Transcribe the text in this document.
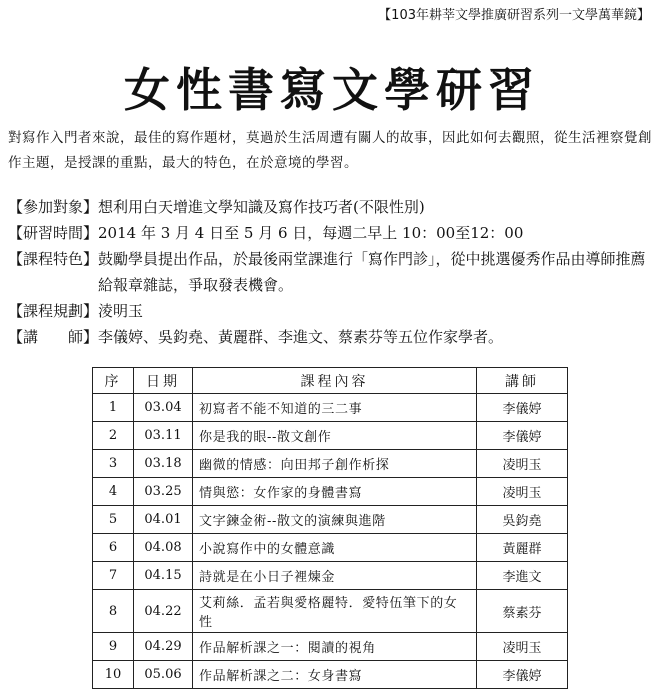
【103年耕莘文學推廣研習系列一文學萬華鏡】
女性書寫文學研習
對寫作入門者來說，最佳的寫作題材，莫過於生活周遭有關人的故事，因此如何去觀照，從生活裡察覺創作主題，是授課的重點，最大的特色，在於意境的學習。
【參加對象】 想利用白天增進文學知識及寫作技巧者(不限性別)
【研習時間】 2014 年 3 月 4 日至 5 月 6 日，每週二早上 10：00至12：00
【課程特色】 鼓勵學員提出作品，於最後兩堂課進行「寫作門診」，從中挑選優秀作品由導師推薦給報章雜誌，爭取發表機會。
【課程規劃】 淩明玉
【講　　師】 李儀婷、吳鈞堯、黃麗群、李進文、蔡素芬等五位作家學者。
序	日期	課程內容	講師
1	03.04	初寫者不能不知道的三二事	李儀婷
2	03.11	你是我的眼--散文創作	李儀婷
3	03.18	幽微的情感：向田邦子創作析探	凌明玉
4	03.25	情與慾：女作家的身體書寫	凌明玉
5	04.01	文字鍊金術--散文的演練與進階	吳鈞堯
6	04.08	小說寫作中的女體意識	黃麗群
7	04.15	詩就是在小日子裡煉金	李進文
8	04.22	艾莉絲．孟若與愛格麗特．愛特伍筆下的女性	蔡素芬
9	04.29	作品解析課之一：閱讀的視角	凌明玉
10	05.06	作品解析課之二：女身書寫	李儀婷
